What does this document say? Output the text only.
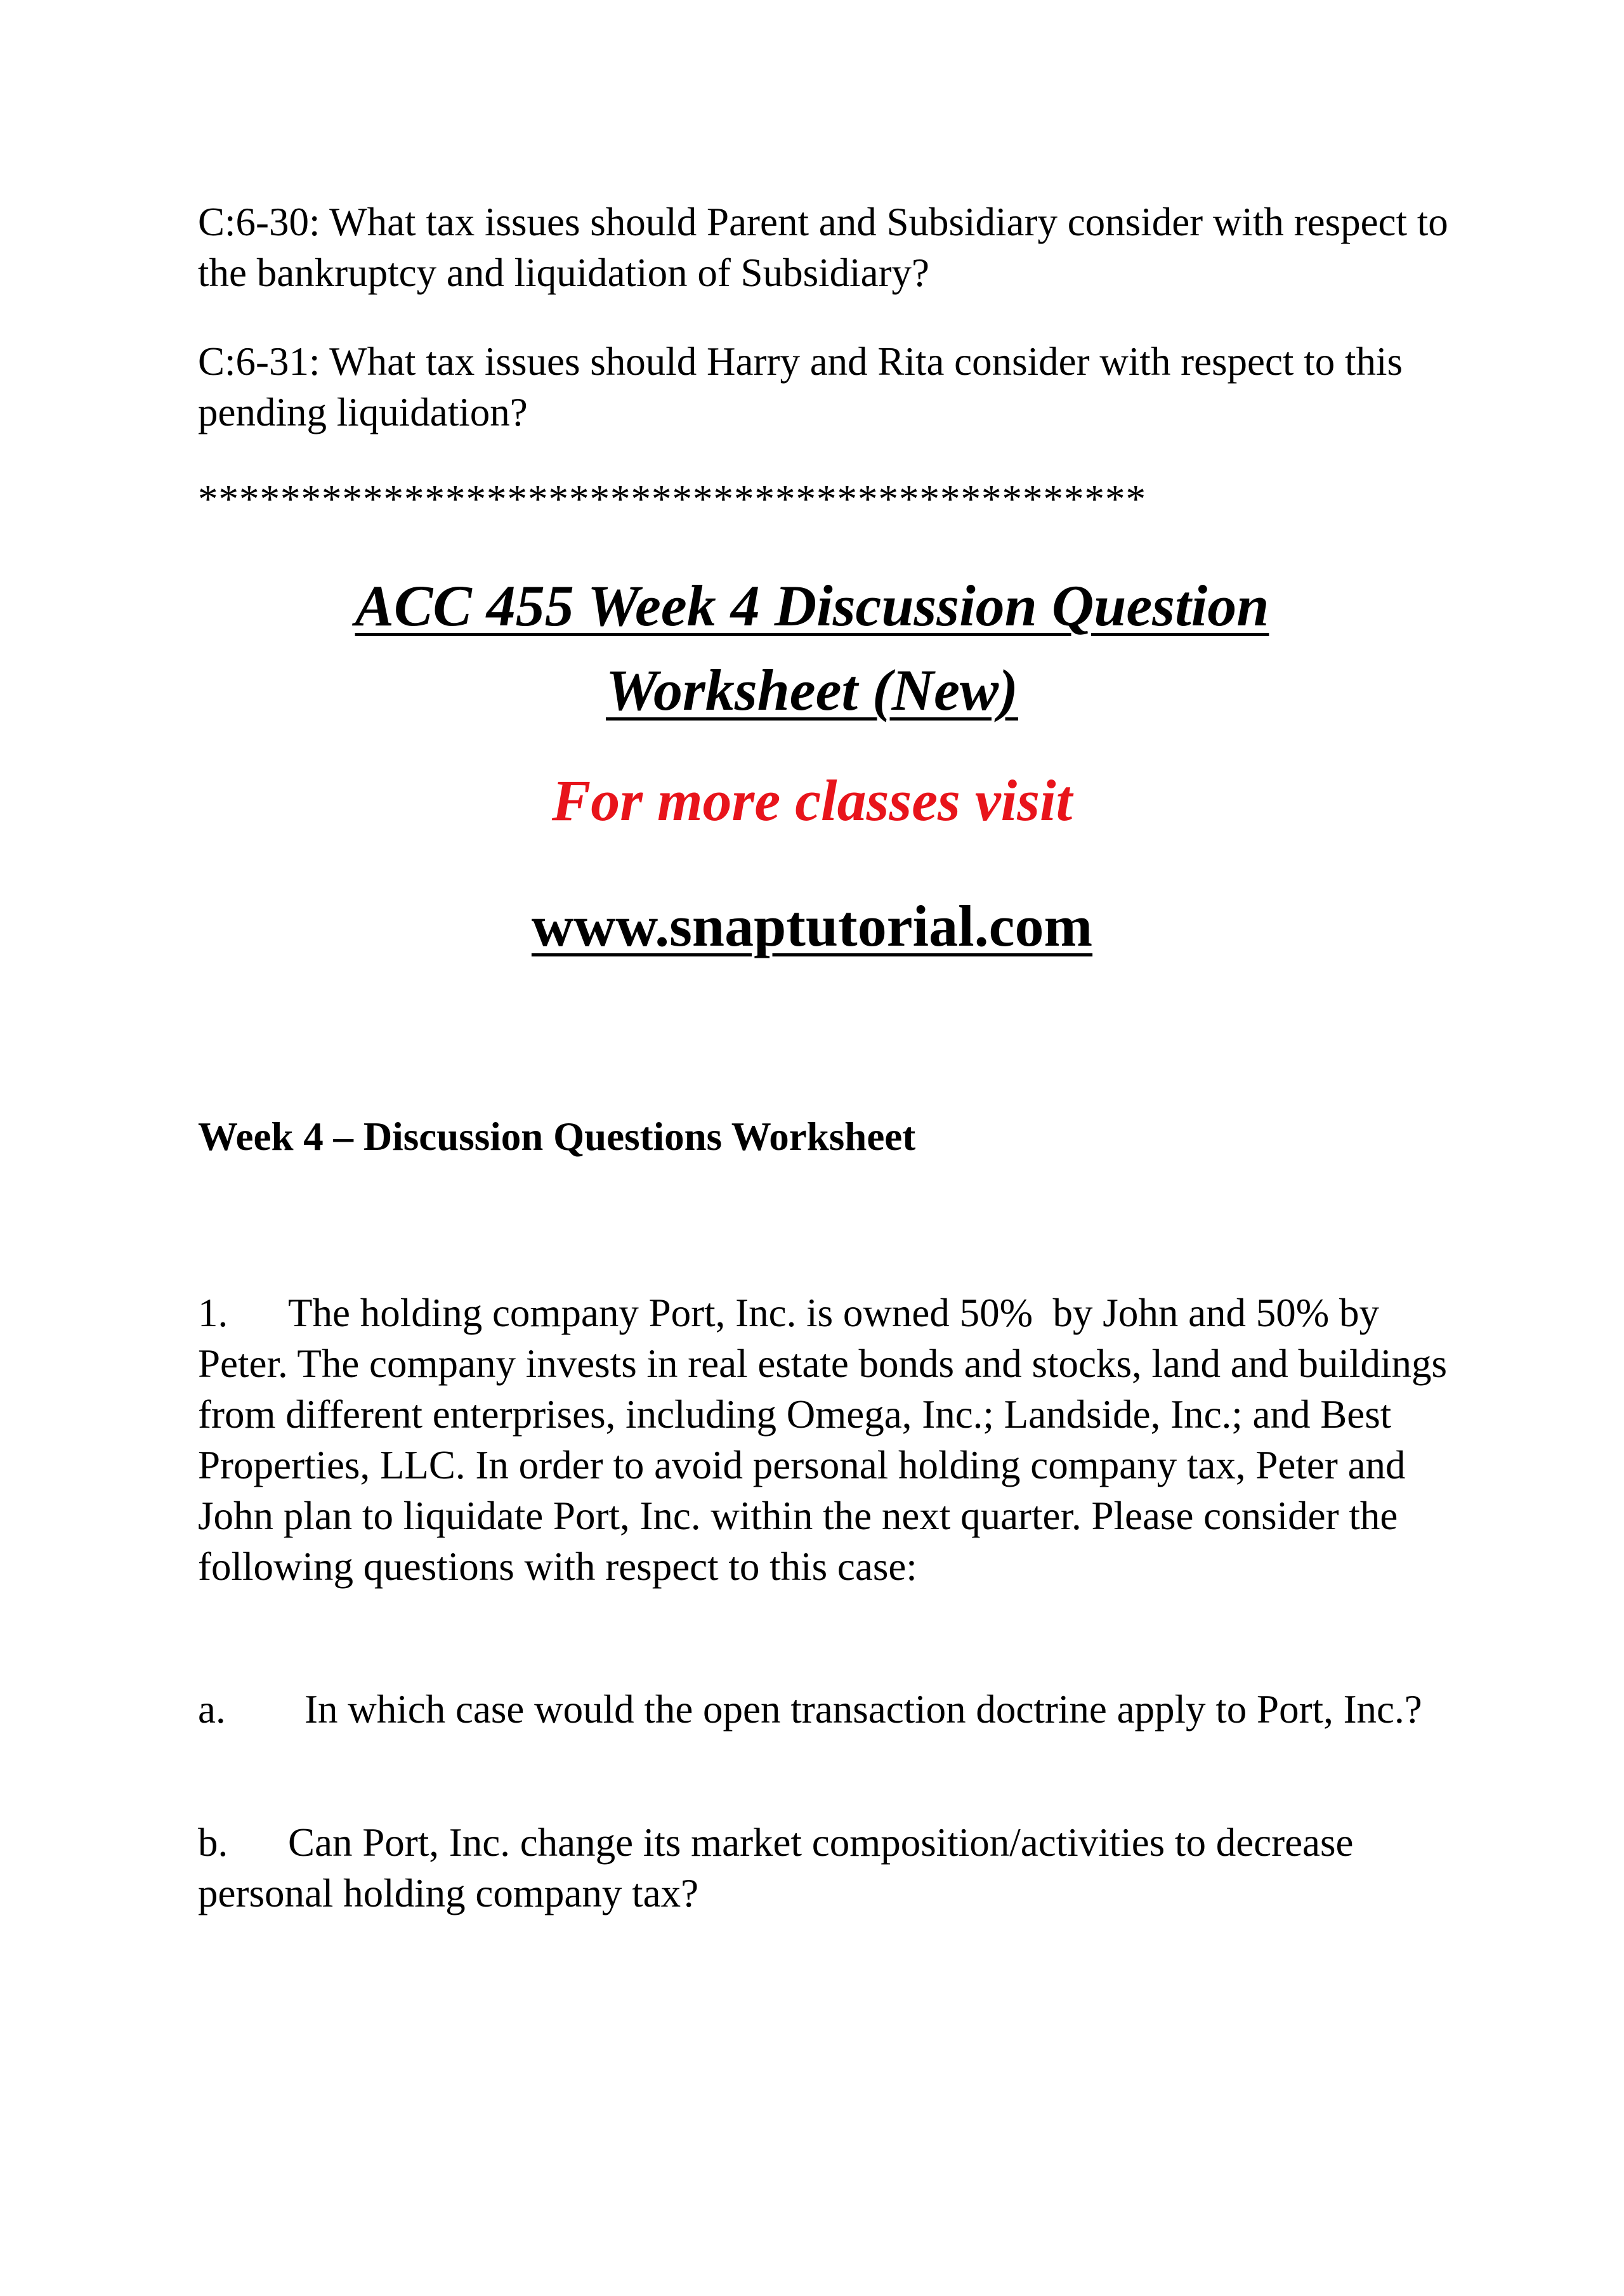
C:6-30: What tax issues should Parent and Subsidiary consider with respect to the bankruptcy and liquidation of Subsidiary?

C:6-31: What tax issues should Harry and Rita consider with respect to this pending liquidation?

**********************************************
ACC 455 Week 4 Discussion Question
Worksheet (New)
For more classes visit
www.snaptutorial.com
Week 4 – Discussion Questions Worksheet

1. The holding company Port, Inc. is owned 50%  by John and 50% by Peter. The company invests in real estate bonds and stocks, land and buildings from different enterprises, including Omega, Inc.; Landside, Inc.; and Best Properties, LLC. In order to avoid personal holding company tax, Peter and John plan to liquidate Port, Inc. within the next quarter. Please consider the following questions with respect to this case:

a. In which case would the open transaction doctrine apply to Port, Inc.?

b. Can Port, Inc. change its market composition/activities to decrease personal holding company tax?
